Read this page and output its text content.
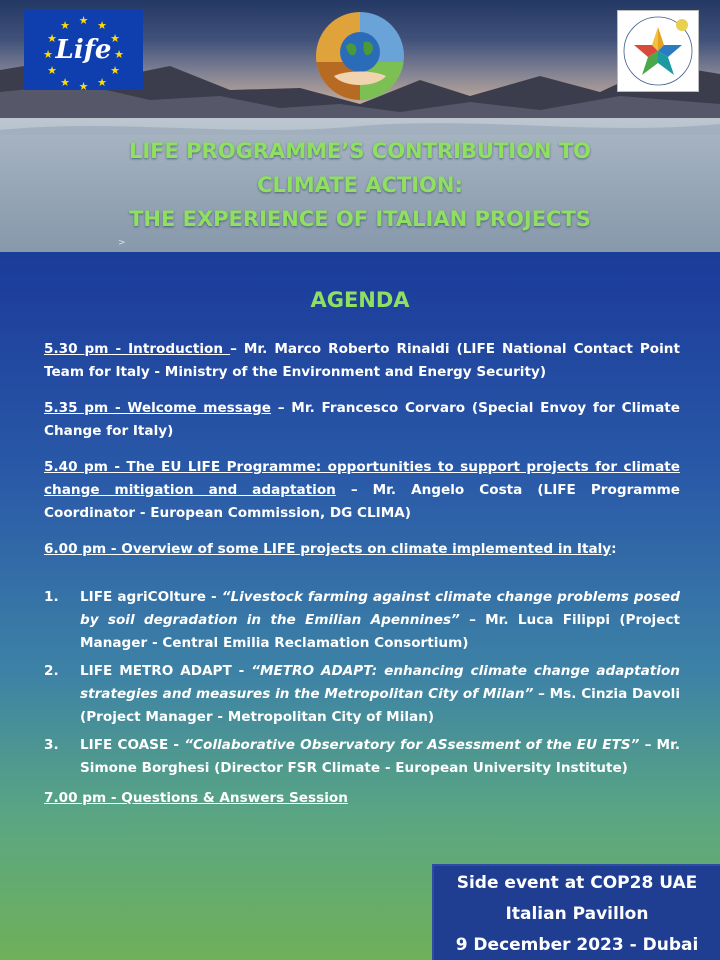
★ ★
★
★
★
★
★
★
★
★
★
★
Life
LIFE PROGRAMME’S CONTRIBUTION TO
CLIMATE ACTION:
THE EXPERIENCE OF ITALIAN PROJECTS
>
AGENDA
5.30 pm - Introduction – Mr. Marco Roberto Rinaldi (LIFE National Contact Point Team for Italy - Ministry of the Environment and Energy Security)
5.35 pm - Welcome message – Mr. Francesco Corvaro (Special Envoy for Climate Change for Italy)
5.40 pm - The EU LIFE Programme: opportunities to support projects for climate change mitigation and adaptation – Mr. Angelo Costa (LIFE Programme Coordinator - European Commission, DG CLIMA)
6.00 pm - Overview of some LIFE projects on climate implemented in Italy:
1. LIFE agriCOlture - “Livestock farming against climate change problems posed by soil degradation in the Emilian Apennines” – Mr. Luca Filippi (Project Manager - Central Emilia Reclamation Consortium)
2. LIFE METRO ADAPT - “METRO ADAPT: enhancing climate change adaptation strategies and measures in the Metropolitan City of Milan” – Ms. Cinzia Davoli (Project Manager - Metropolitan City of Milan)
3. LIFE COASE - “Collaborative Observatory for ASsessment of the EU ETS” – Mr. Simone Borghesi (Director FSR Climate - European University Institute)
7.00 pm - Questions & Answers Session
Side event at COP28 UAE
Italian Pavillon
9 December 2023 - Dubai
